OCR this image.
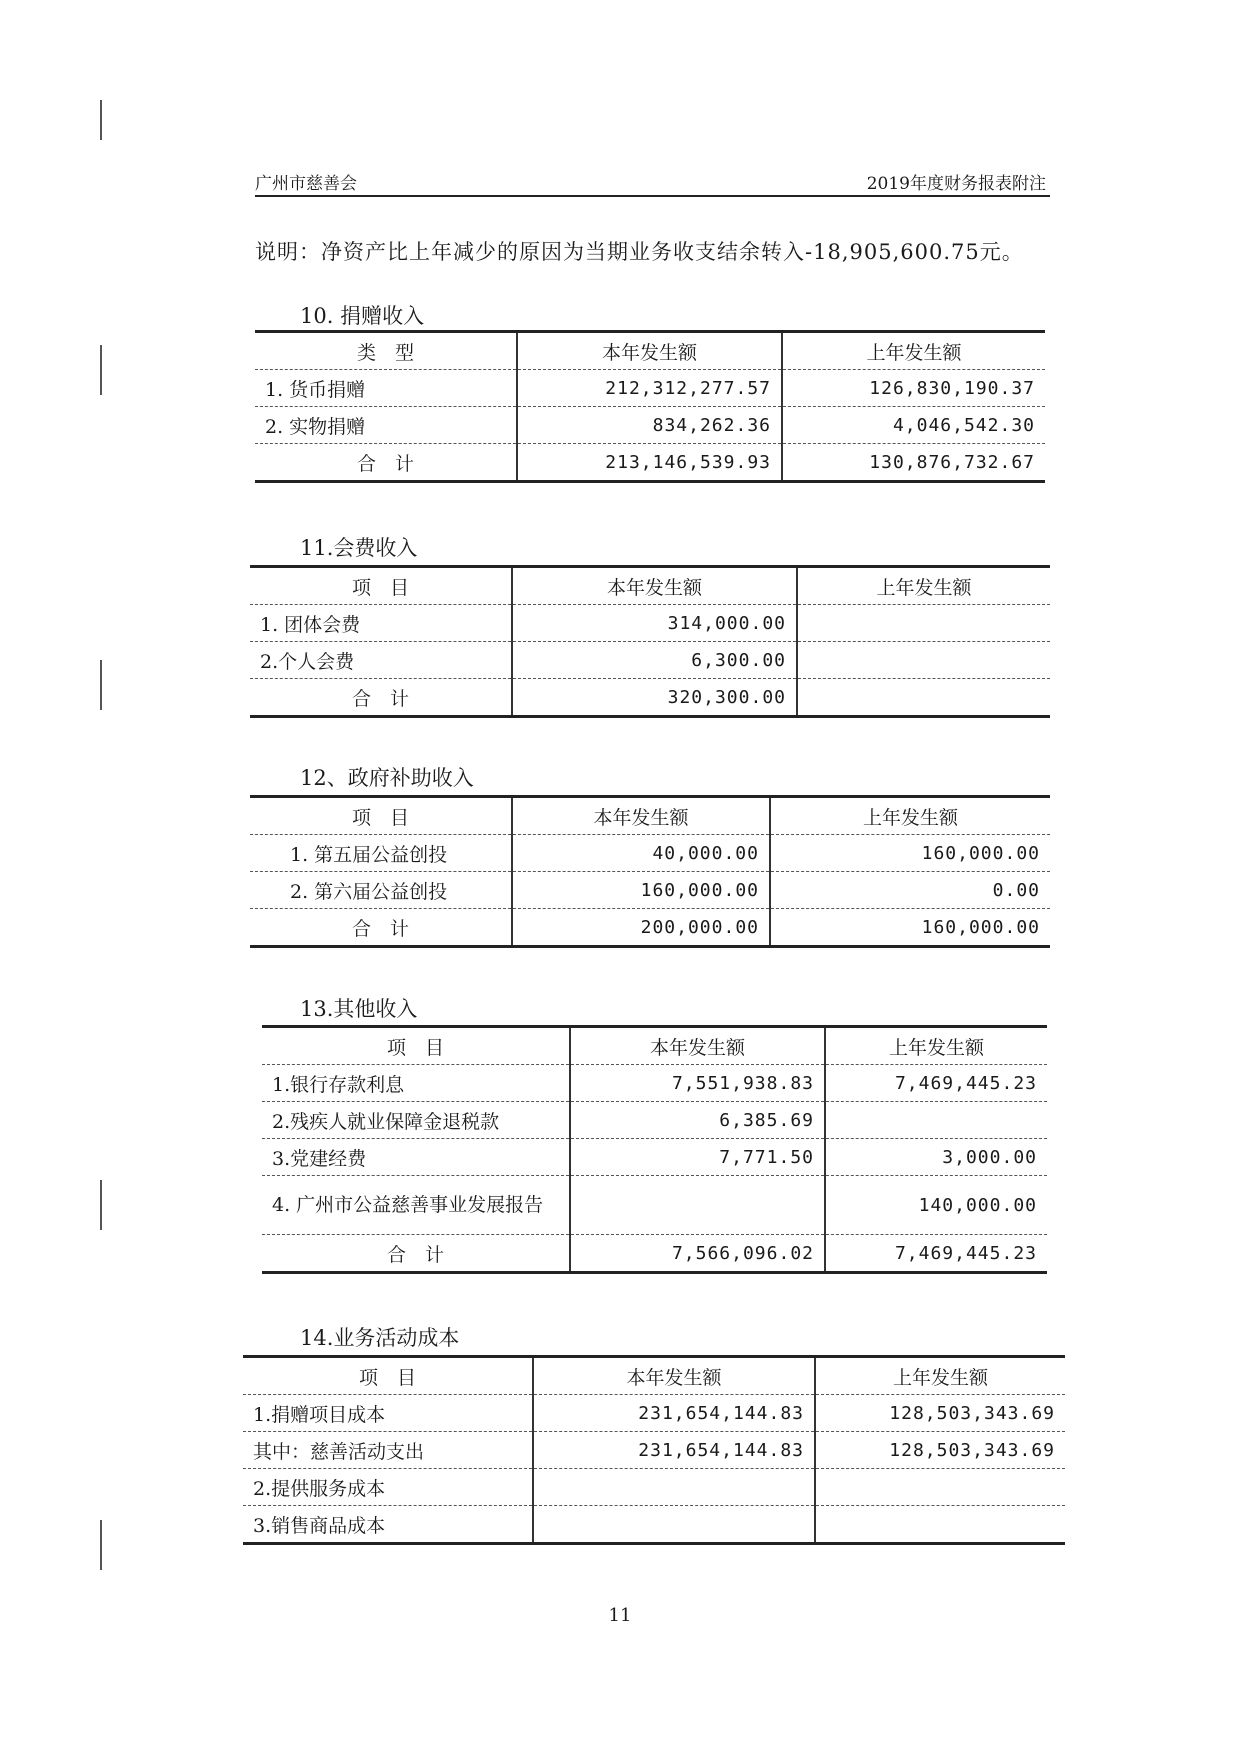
广州市慈善会	2019年度财务报表附注
说明：净资产比上年减少的原因为当期业务收支结余转入-18,905,600.75元。
10. 捐赠收入
类　型	本年发生额	上年发生额
1. 货币捐赠	212,312,277.57	126,830,190.37
2. 实物捐赠	834,262.36	4,046,542.30
合　计	213,146,539.93	130,876,732.67
11.会费收入
项　目	本年发生额	上年发生额
1. 团体会费	314,000.00	
2.个人会费	6,300.00	
合　计	320,300.00	
12、政府补助收入
项　目	本年发生额	上年发生额
1. 第五届公益创投	40,000.00	160,000.00
2. 第六届公益创投	160,000.00	0.00
合　计	200,000.00	160,000.00
13.其他收入
项　目	本年发生额	上年发生额
1.银行存款利息	7,551,938.83	7,469,445.23
2.残疾人就业保障金退税款	6,385.69	
3.党建经费	7,771.50	3,000.00
4. 广州市公益慈善事业发展报告		140,000.00
合　计	7,566,096.02	7,469,445.23
14.业务活动成本
项　目	本年发生额	上年发生额
1.捐赠项目成本	231,654,144.83	128,503,343.69
其中：慈善活动支出	231,654,144.83	128,503,343.69
2.提供服务成本		
3.销售商品成本		
11
